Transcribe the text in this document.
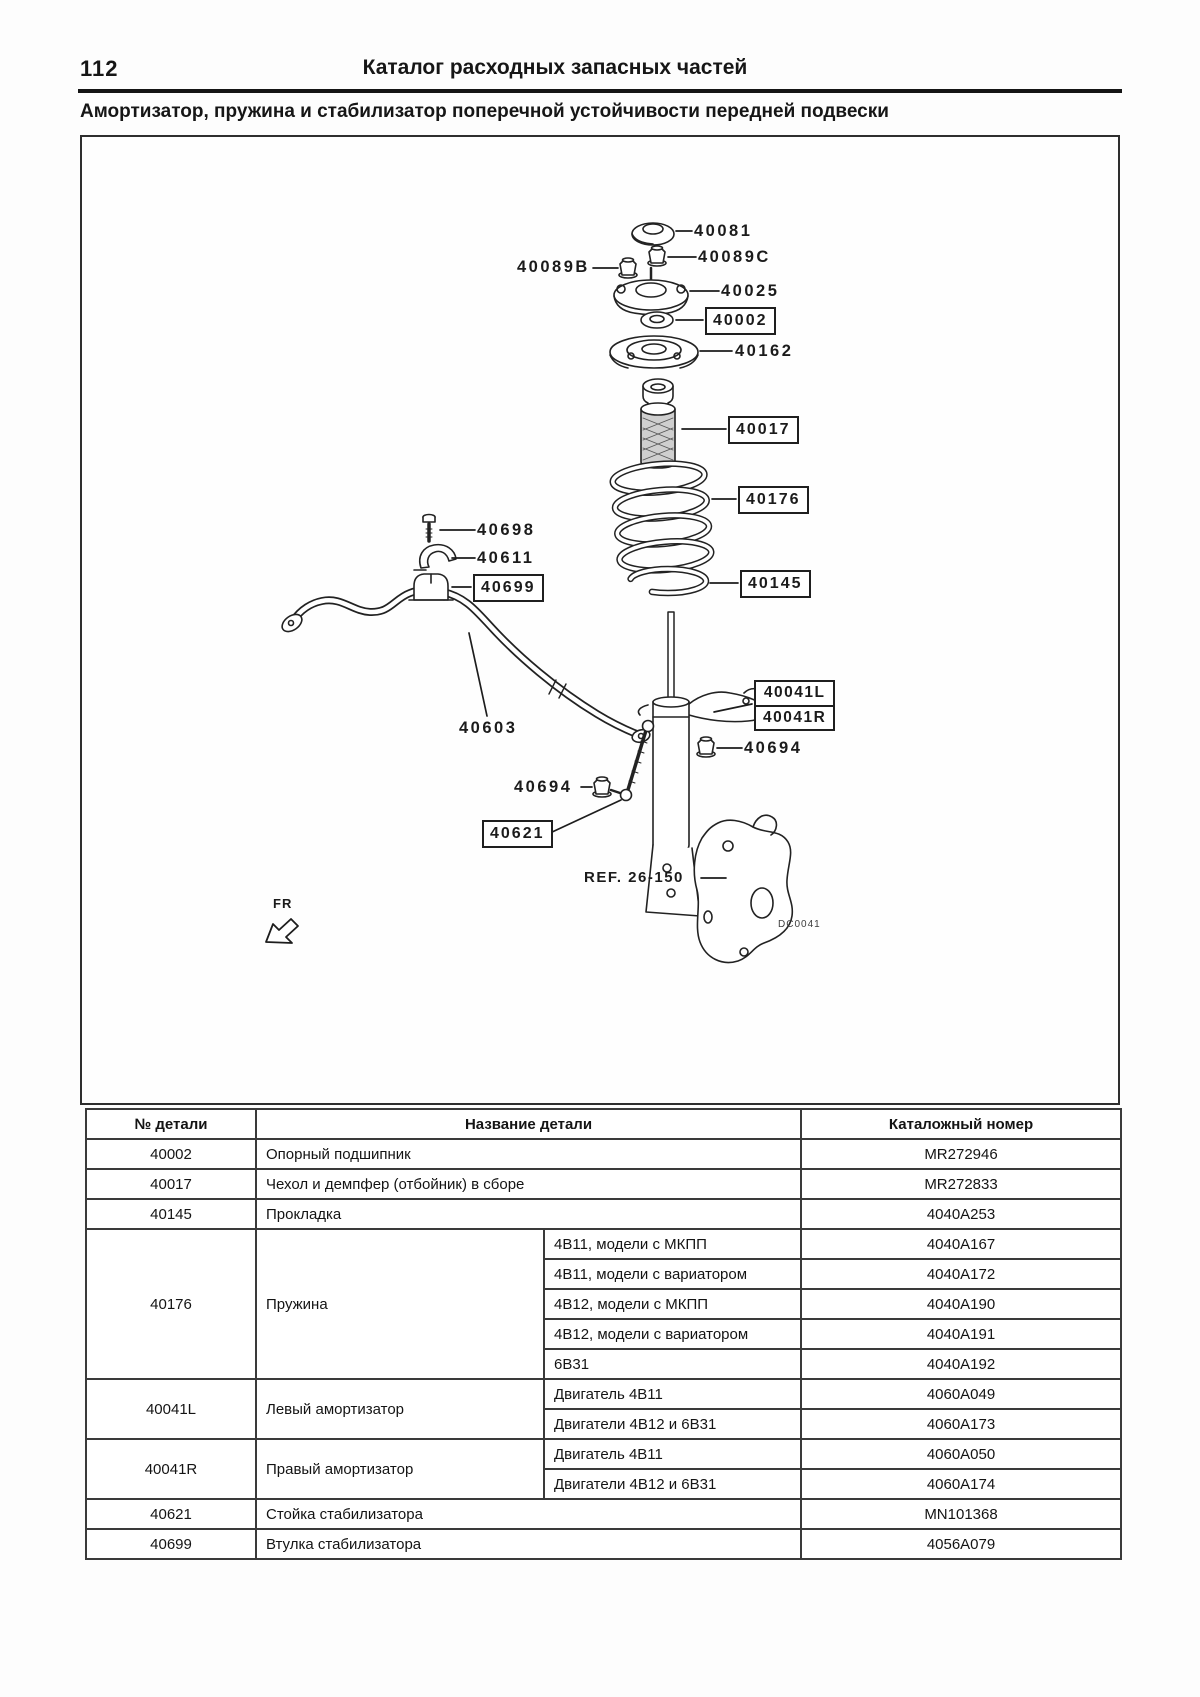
112	Каталог расходных запасных частей
Амортизатор, пружина и стабилизатор поперечной устойчивости передней подвески
40081
40089C
40089B
40025
40002
40162
40017
40176
40145
40698
40611
40699
40603
40041L
40041R
40694
40694
40621
REF. 26-150
FR
DC0041
№ детали	Название детали		Каталожный номер
40002	Опорный подшипник		MR272946
40017	Чехол и демпфер (отбойник) в сборе		MR272833
40145	Прокладка		4040A253
40176	Пружина	4B11, модели с МКПП	4040A167
		4B11, модели с вариатором	4040A172
		4B12, модели с МКПП	4040A190
		4B12, модели с вариатором	4040A191
		6B31	4040A192
40041L	Левый амортизатор	Двигатель 4B11	4060A049
		Двигатели 4B12 и 6B31	4060A173
40041R	Правый амортизатор	Двигатель 4B11	4060A050
		Двигатели 4B12 и 6B31	4060A174
40621	Стойка стабилизатора		MN101368
40699	Втулка стабилизатора		4056A079
